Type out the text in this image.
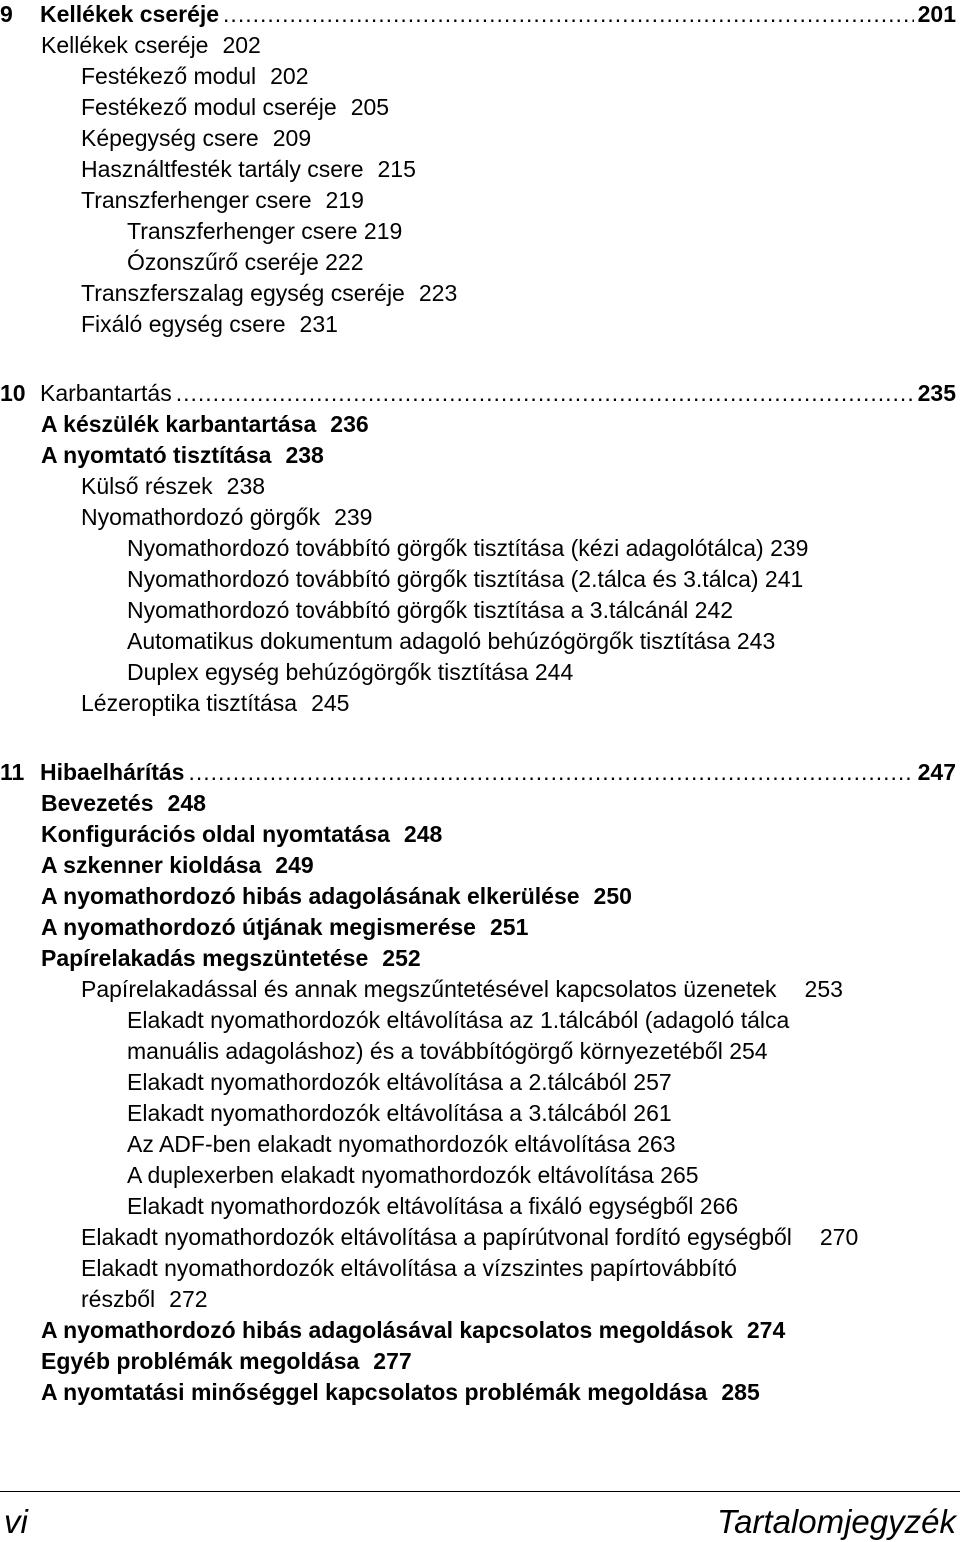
9	Kellékek cseréje .....	201
Kellékek cseréje 202
Festékező modul 202
Festékező modul cseréje 205
Képegység csere 209
Használtfesték tartály csere 215
Transzferhenger csere 219
Transzferhenger csere 219
Ózonszűrő cseréje 222
Transzferszalag egység cseréje 223
Fixáló egység csere 231
10 Karbantartás .....	235
A készülék karbantartása 236
A nyomtató tisztítása 238
Külső részek 238
Nyomathordozó görgők 239
Nyomathordozó továbbító görgők tisztítása (kézi adagolótálca) 239
Nyomathordozó továbbító görgők tisztítása (2.tálca és 3.tálca) 241
Nyomathordozó továbbító görgők tisztítása a 3.tálcánál 242
Automatikus dokumentum adagoló behúzógörgők tisztítása 243
Duplex egység behúzógörgők tisztítása 244
Lézeroptika tisztítása 245
11 Hibaelhárítás .....	247
Bevezetés 248
Konfigurációs oldal nyomtatása 248
A szkenner kioldása 249
A nyomathordozó hibás adagolásának elkerülése 250
A nyomathordozó útjának megismerése 251
Papírelakadás megszüntetése 252
Papírelakadással és annak megszűntetésével kapcsolatos üzenetek 253
Elakadt nyomathordozók eltávolítása az 1.tálcából (adagoló tálca
manuális adagoláshoz) és a továbbítógörgő környezetéből 254
Elakadt nyomathordozók eltávolítása a 2.tálcából 257
Elakadt nyomathordozók eltávolítása a 3.tálcából 261
Az ADF-ben elakadt nyomathordozók eltávolítása 263
A duplexerben elakadt nyomathordozók eltávolítása 265
Elakadt nyomathordozók eltávolítása a fixáló egységből 266
Elakadt nyomathordozók eltávolítása a papírútvonal fordító egységből 270
Elakadt nyomathordozók eltávolítása a vízszintes papírtovábbító
részből 272
A nyomathordozó hibás adagolásával kapcsolatos megoldások 274
Egyéb problémák megoldása 277
A nyomtatási minőséggel kapcsolatos problémák megoldása 285
vi	Tartalomjegyzék
